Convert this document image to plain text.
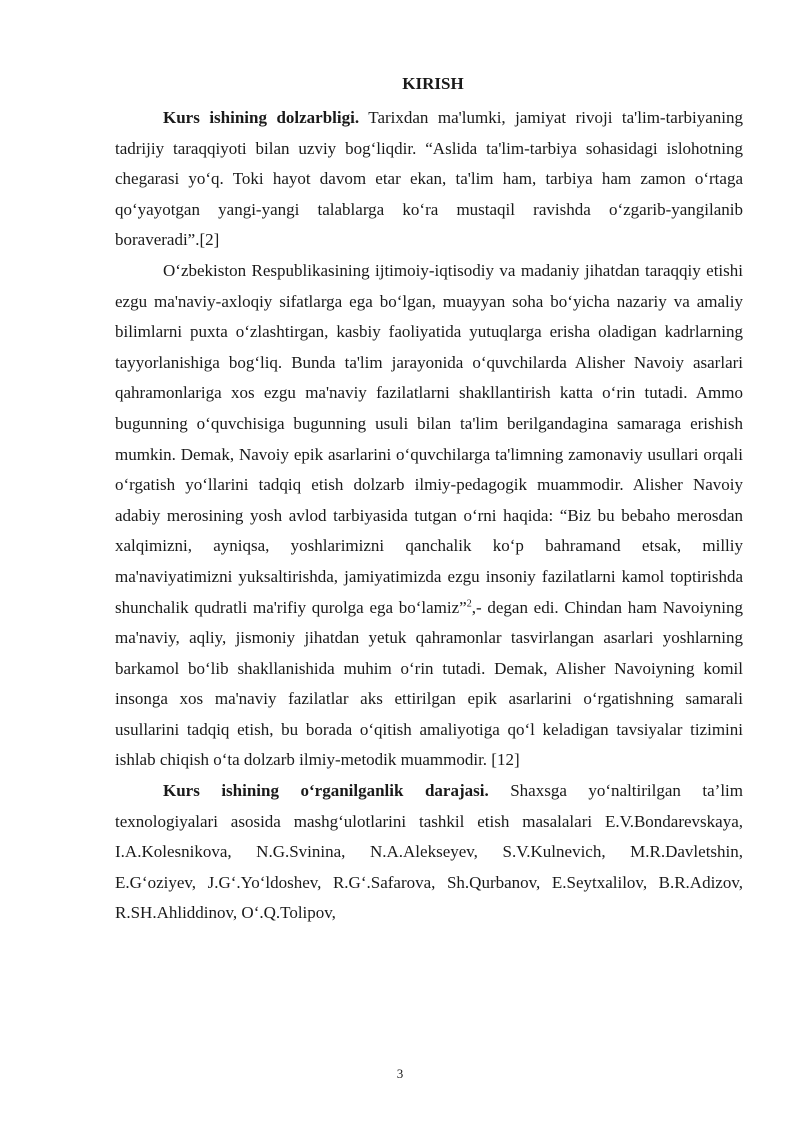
KIRISH

Kurs ishining dolzarbligi. Tarixdan ma'lumki, jamiyat rivoji ta'lim-tarbiyaning tadrijiy taraqqiyoti bilan uzviy bog‘liqdir. “Aslida ta'lim-tarbiya sohasidagi islohotning chegarasi yo‘q. Toki hayot davom etar ekan, ta'lim ham, tarbiya ham zamon o‘rtaga qo‘yayotgan yangi-yangi talablarga ko‘ra mustaqil ravishda o‘zgarib-yangilanib boraveradi”.[2]

O‘zbekiston Respublikasining ijtimoiy-iqtisodiy va madaniy jihatdan taraqqiy etishi ezgu ma'naviy-axloqiy sifatlarga ega bo‘lgan, muayyan soha bo‘yicha nazariy va amaliy bilimlarni puxta o‘zlashtirgan, kasbiy faoliyatida yutuqlarga erisha oladigan kadrlarning tayyorlanishiga bog‘liq. Bunda ta'lim jarayonida o‘quvchilarda Alisher Navoiy asarlari qahramonlariga xos ezgu ma'naviy fazilatlarni shakllantirish katta o‘rin tutadi. Ammo bugunning o‘quvchisiga bugunning usuli bilan ta'lim berilgandagina samaraga erishish mumkin. Demak, Navoiy epik asarlarini o‘quvchilarga ta'limning zamonaviy usullari orqali o‘rgatish yo‘llarini tadqiq etish dolzarb ilmiy-pedagogik muammodir. Alisher Navoiy adabiy merosining yosh avlod tarbiyasida tutgan o‘rni haqida: “Biz bu bebaho merosdan xalqimizni, ayniqsa, yoshlarimizni qanchalik ko‘p bahramand etsak, milliy ma'naviyatimizni yuksaltirishda, jamiyatimizda ezgu insoniy fazilatlarni kamol toptirishda shunchalik qudratli ma'rifiy qurolga ega bo‘lamiz”$^2$,- degan edi. Chindan ham Navoiyning ma'naviy, aqliy, jismoniy jihatdan yetuk qahramonlar tasvirlangan asarlari yoshlarning barkamol bo‘lib shakllanishida muhim o‘rin tutadi. Demak, Alisher Navoiyning komil insonga xos ma'naviy fazilatlar aks ettirilgan epik asarlarini o‘rgatishning samarali usullarini tadqiq etish, bu borada o‘qitish amaliyotiga qo‘l keladigan tavsiyalar tizimini ishlab chiqish o‘ta dolzarb ilmiy-metodik muammodir. [12]

Kurs ishining o‘rganilganlik darajasi. Shaxsga yo‘naltirilgan ta’lim texnologiyalari asosida mashg‘ulotlarini tashkil etish masalalari E.V.Bondarevskaya, I.A.Kolesnikova, N.G.Svinina, N.A.Alekseyev, S.V.Kulnevich, M.R.Davletshin, E.G‘oziyev, J.G‘.Yo‘ldoshev, R.G‘.Safarova, Sh.Qurbanov, E.Seytxalilov, B.R.Adizov, R.SH.Ahliddinov, O‘.Q.Tolipov,

3
